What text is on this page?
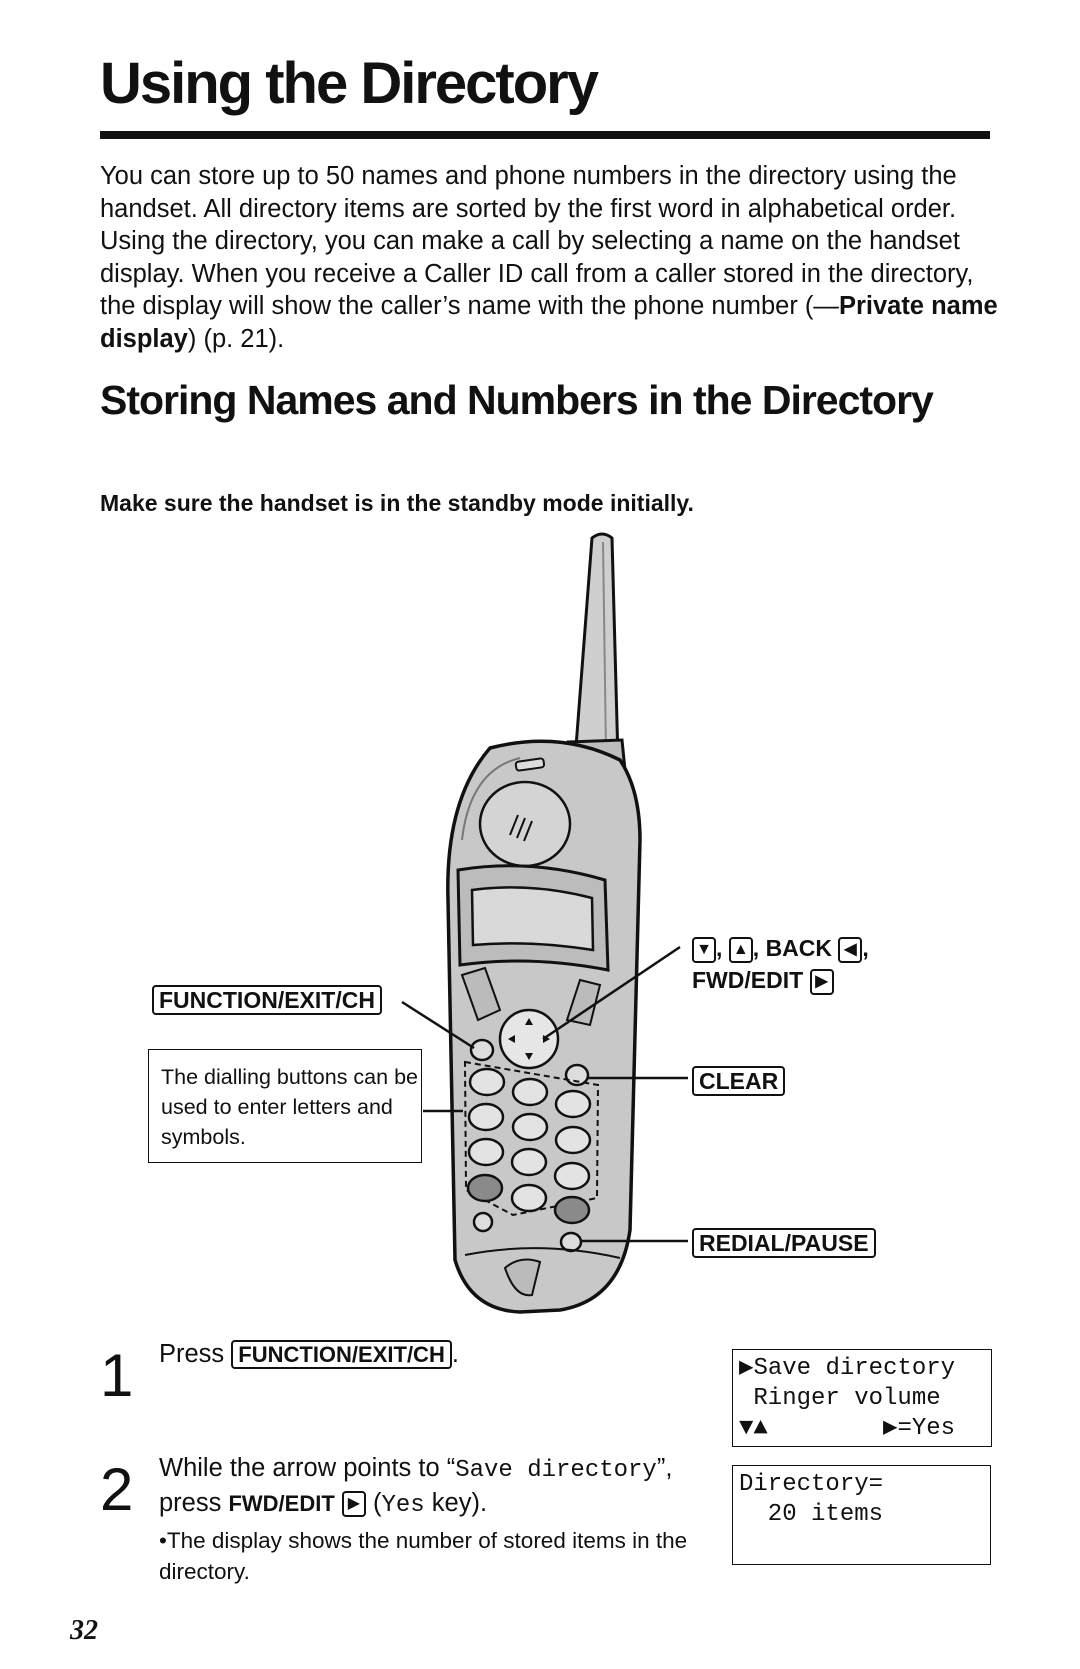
Using the Directory

You can store up to 50 names and phone numbers in the directory using the handset. All directory items are sorted by the first word in alphabetical order. Using the directory, you can make a call by selecting a name on the handset display. When you receive a Caller ID call from a caller stored in the directory, the display will show the caller’s name with the phone number (—Private name display) (p. 21).

Storing Names and Numbers in the Directory

Make sure the handset is in the standby mode initially.

FUNCTION/EXIT/CH
▼ , ▲ , BACK ◀ ,
FWD/EDIT ▶
CLEAR
REDIAL/PAUSE
The dialling buttons can be used to enter letters and symbols.
1 Press FUNCTION/EXIT/CH .
2 While the arrow points to “Save directory”, press FWD/EDIT ▶ (Yes key).
•The display shows the number of stored items in the directory.
▶Save directory
Ringer volume
▼▲        ▶=Yes
Directory=
20 items
32
